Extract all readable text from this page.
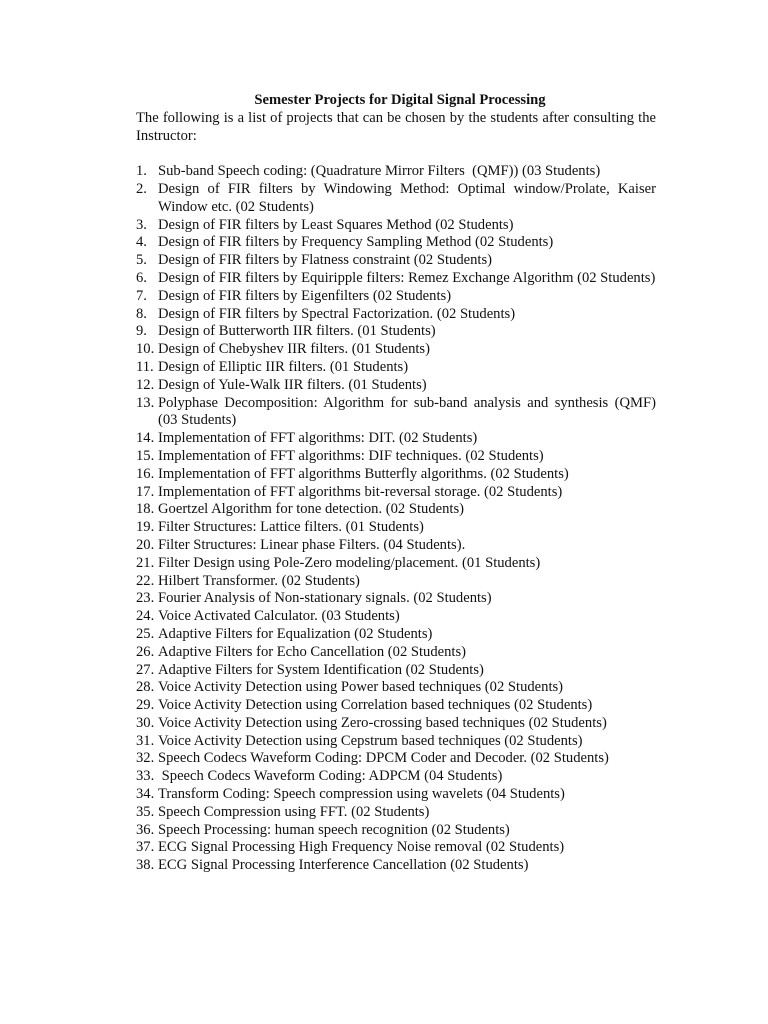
Semester Projects for Digital Signal Processing

The following is a list of projects that can be chosen by the students after consulting the Instructor:

1. Sub-band Speech coding: (Quadrature Mirror Filters  (QMF)) (03 Students)
2. Design of FIR filters by Windowing Method: Optimal window/Prolate, Kaiser Window etc. (02 Students)
3. Design of FIR filters by Least Squares Method (02 Students)
4. Design of FIR filters by Frequency Sampling Method (02 Students)
5. Design of FIR filters by Flatness constraint (02 Students)
6. Design of FIR filters by Equiripple filters: Remez Exchange Algorithm (02 Students)
7. Design of FIR filters by Eigenfilters (02 Students)
8. Design of FIR filters by Spectral Factorization. (02 Students)
9. Design of Butterworth IIR filters. (01 Students)
10. Design of Chebyshev IIR filters. (01 Students)
11. Design of Elliptic IIR filters. (01 Students)
12. Design of Yule-Walk IIR filters. (01 Students)
13. Polyphase Decomposition: Algorithm for sub-band analysis and synthesis (QMF) (03 Students)
14. Implementation of FFT algorithms: DIT. (02 Students)
15. Implementation of FFT algorithms: DIF techniques. (02 Students)
16. Implementation of FFT algorithms Butterfly algorithms. (02 Students)
17. Implementation of FFT algorithms bit-reversal storage. (02 Students)
18. Goertzel Algorithm for tone detection. (02 Students)
19. Filter Structures: Lattice filters. (01 Students)
20. Filter Structures: Linear phase Filters. (04 Students).
21. Filter Design using Pole-Zero modeling/placement. (01 Students)
22. Hilbert Transformer. (02 Students)
23. Fourier Analysis of Non-stationary signals. (02 Students)
24. Voice Activated Calculator. (03 Students)
25. Adaptive Filters for Equalization (02 Students)
26. Adaptive Filters for Echo Cancellation (02 Students)
27. Adaptive Filters for System Identification (02 Students)
28. Voice Activity Detection using Power based techniques (02 Students)
29. Voice Activity Detection using Correlation based techniques (02 Students)
30. Voice Activity Detection using Zero-crossing based techniques (02 Students)
31. Voice Activity Detection using Cepstrum based techniques (02 Students)
32. Speech Codecs Waveform Coding: DPCM Coder and Decoder. (02 Students)
33. Speech Codecs Waveform Coding: ADPCM (04 Students)
34. Transform Coding: Speech compression using wavelets (04 Students)
35. Speech Compression using FFT. (02 Students)
36. Speech Processing: human speech recognition (02 Students)
37. ECG Signal Processing High Frequency Noise removal (02 Students)
38. ECG Signal Processing Interference Cancellation (02 Students)
